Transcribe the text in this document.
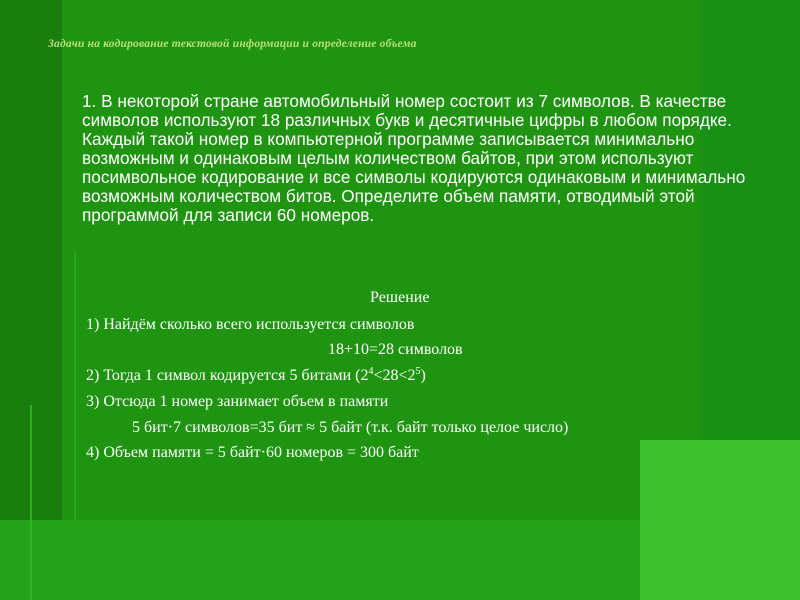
Задачи на кодирование текстовой информации и определение объема

1. В некоторой стране автомобильный номер состоит из 7 символов. В качестве символов используют 18 различных букв и десятичные цифры в любом порядке. Каждый такой номер в компьютерной программе записывается минимально возможным и одинаковым целым количеством байтов, при этом используют посимвольное кодирование и все символы кодируются одинаковым и минимально возможным количеством битов. Определите объем памяти, отводимый этой программой для записи 60 номеров.

Решение
1) Найдём сколько всего используется символов
18+10=28 символов
2) Тогда 1 символ кодируется 5 битами $(2^4<28<2^5)$
3) Отсюда 1 номер занимает объем в памяти
5 бит·7 символов=35 бит ≈ 5 байт (т.к. байт только целое число)
4) Объем памяти = 5 байт·60 номеров = 300 байт
